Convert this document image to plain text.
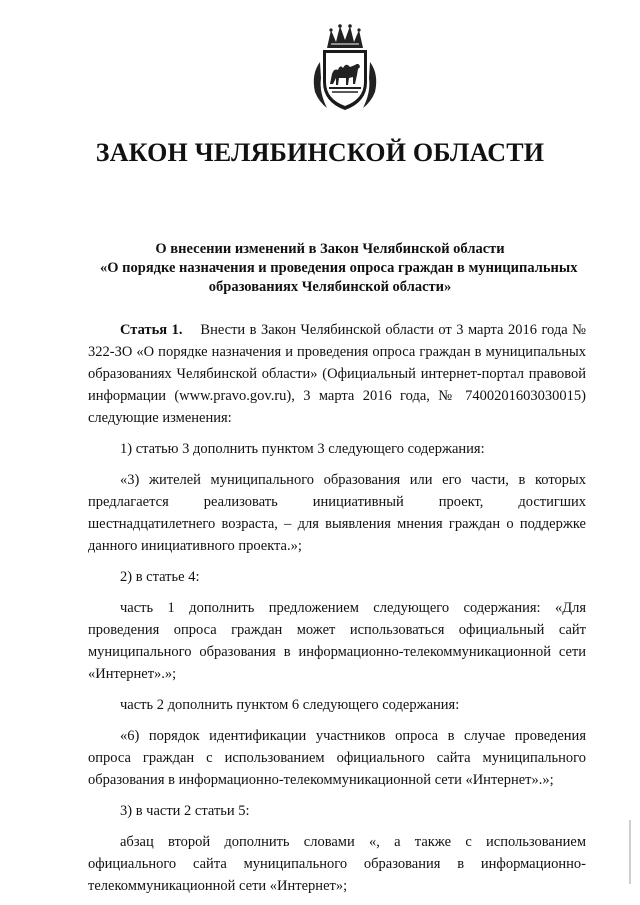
ЗАКОН ЧЕЛЯБИНСКОЙ ОБЛАСТИ
О внесении изменений в Закон Челябинской области
«О порядке назначения и проведения опроса граждан в муниципальных
образованиях Челябинской области»

Статья 1. Внести в Закон Челябинской области от 3 марта 2016 года № 322-ЗО «О порядке назначения и проведения опроса граждан в муниципальных образованиях Челябинской области» (Официальный интернет-портал правовой информации (www.pravo.gov.ru), 3 марта 2016 года, № 7400201603030015) следующие изменения:

1) статью 3 дополнить пунктом 3 следующего содержания:

«3) жителей муниципального образования или его части, в которых предлагается реализовать инициативный проект, достигших шестнадцатилетнего возраста, – для выявления мнения граждан о поддержке данного инициативного проекта.»;

2) в статье 4:

часть 1 дополнить предложением следующего содержания: «Для проведения опроса граждан может использоваться официальный сайт муниципального образования в информационно-телекоммуникационной сети «Интернет».»;

часть 2 дополнить пунктом 6 следующего содержания:

«6) порядок идентификации участников опроса в случае проведения опроса граждан с использованием официального сайта муниципального образования в информационно-телекоммуникационной сети «Интернет».»;

3) в части 2 статьи 5:

абзац второй дополнить словами «, а также с использованием официального сайта муниципального образования в информационно-телекоммуникационной сети «Интернет»;
